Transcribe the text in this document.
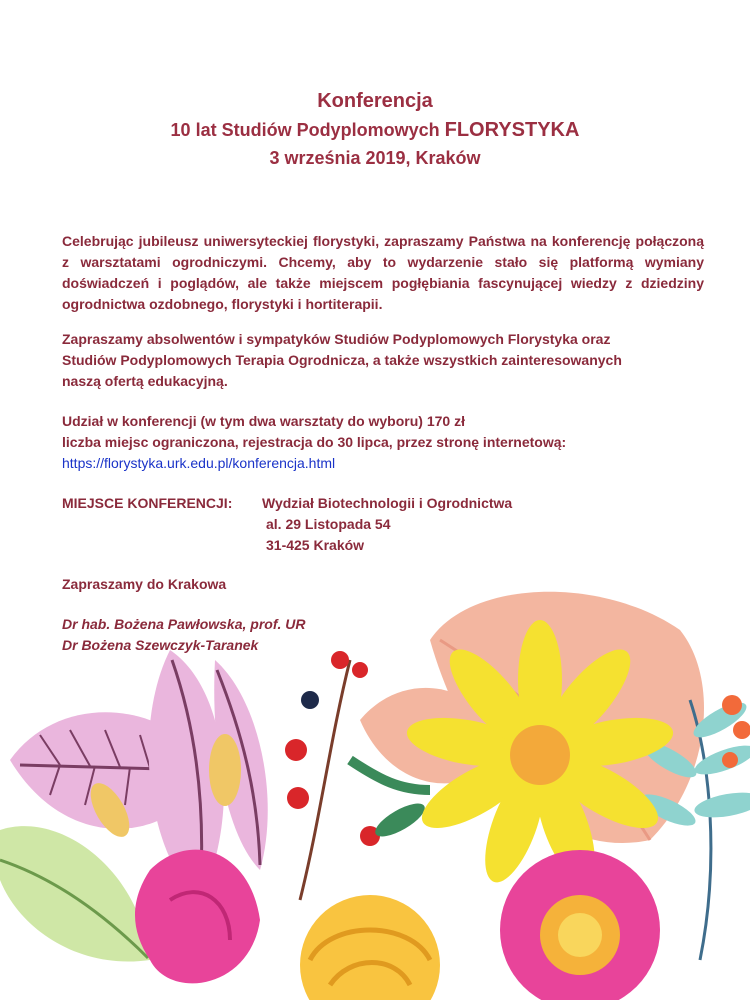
Konferencja
10 lat Studiów Podyplomowych FLORYSTYKA
3 września 2019, Kraków
Celebrując jubileusz uniwersyteckiej florystyki, zapraszamy Państwa na konferencję połączoną z warsztatami ogrodniczymi. Chcemy, aby to wydarzenie stało się platformą wymiany doświadczeń i poglądów, ale także miejscem pogłębiania fascynującej wiedzy z dziedziny ogrodnictwa ozdobnego, florystyki i hortiterapii.
Zapraszamy absolwentów i sympatyków Studiów Podyplomowych Florystyka oraz
Studiów Podyplomowych Terapia Ogrodnicza, a także wszystkich zainteresowanych
naszą ofertą edukacyjną.
Udział w konferencji (w tym dwa warsztaty do wyboru) 170 zł
liczba miejsc ograniczona, rejestracja do 30 lipca, przez stronę internetową:
https://florystyka.urk.edu.pl/konferencja.html
MIEJSCE KONFERENCJI: Wydział Biotechnologii i Ogrodnictwa
al. 29 Listopada 54
31-425 Kraków
Zapraszamy do Krakowa
Dr hab. Bożena Pawłowska, prof. UR
Dr Bożena Szewczyk-Taranek
